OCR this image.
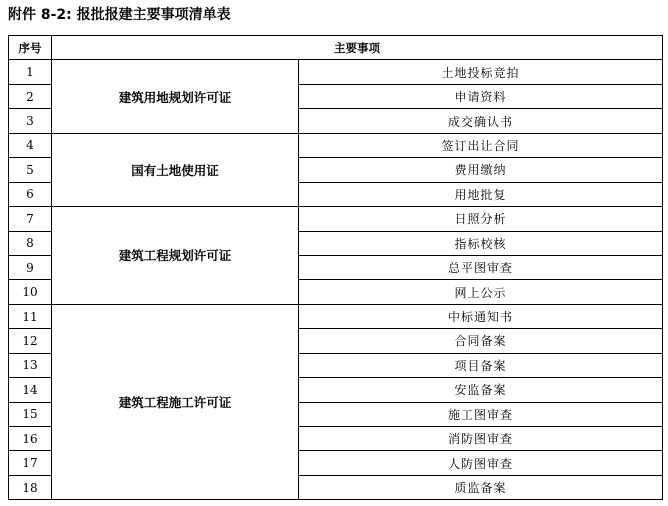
附件 8-2: 报批报建主要事项清单表
序号	主要事项	
1	建筑用地规划许可证	土地投标竞拍
2		申请资料
3		成交确认书
4	国有土地使用证	签订出让合同
5		费用缴纳
6		用地批复
7	建筑工程规划许可证	日照分析
8		指标校核
9		总平图审查
10		网上公示
11	建筑工程施工许可证	中标通知书
12		合同备案
13		项目备案
14		安监备案
15		施工图审查
16		消防图审查
17		人防图审查
18		质监备案
